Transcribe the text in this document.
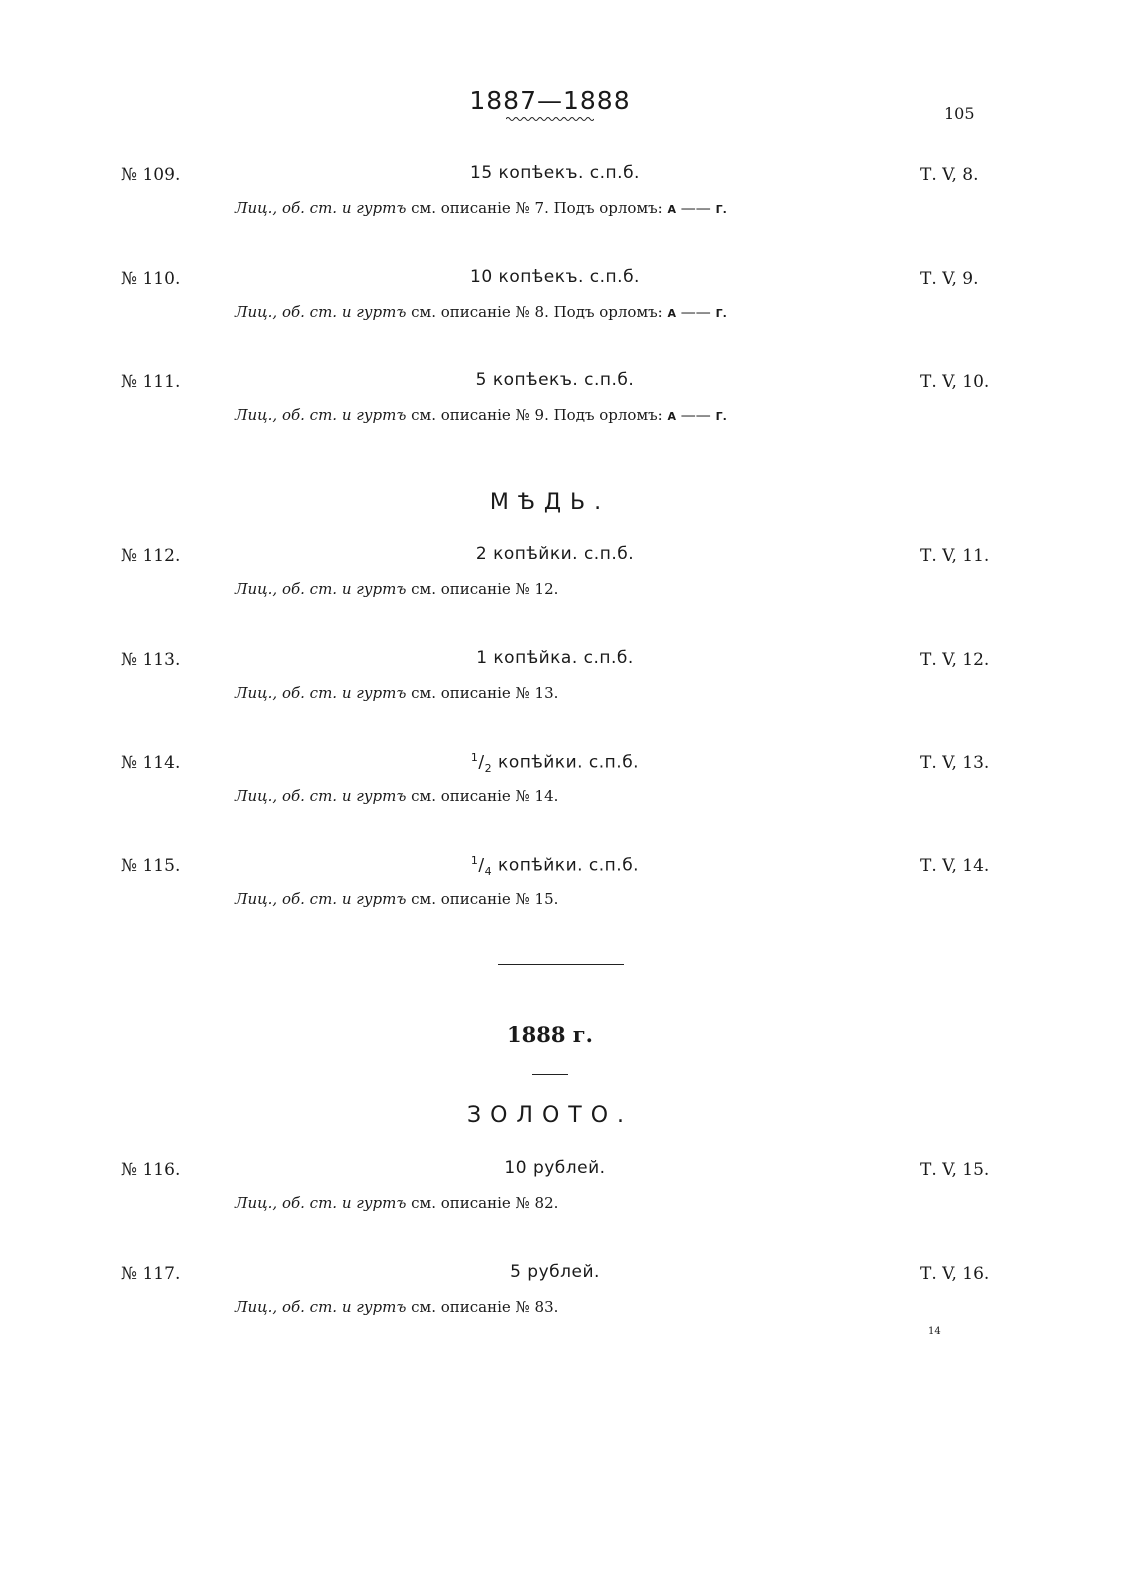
1887—1888	105
№ 109.	15 копѣекъ. с.п.б.	Т. V, 8.
Лиц., об. ст. и гуртъ см. описаніе № 7. Подъ орломъ: А —— Г.
№ 110.	10 копѣекъ. с.п.б.	Т. V, 9.
Лиц., об. ст. и гуртъ см. описаніе № 8. Подъ орломъ: А —— Г.
№ 111.	5 копѣекъ. с.п.б.	Т. V, 10.
Лиц., об. ст. и гуртъ см. описаніе № 9. Подъ орломъ: А —— Г.
МѢДЬ.
№ 112.	2 копѣйки. с.п.б.	Т. V, 11.
Лиц., об. ст. и гуртъ см. описаніе № 12.
№ 113.	1 копѣйка. с.п.б.	Т. V, 12.
Лиц., об. ст. и гуртъ см. описаніе № 13.
№ 114.	$^1/_2$ копѣйки. с.п.б.	Т. V, 13.
Лиц., об. ст. и гуртъ см. описаніе № 14.
№ 115.	$^1/_4$ копѣйки. с.п.б.	Т. V, 14.
Лиц., об. ст. и гуртъ см. описаніе № 15.
1888 г.
ЗОЛОТО.
№ 116.	10 рублей.	Т. V, 15.
Лиц., об. ст. и гуртъ см. описаніе № 82.
№ 117.	5 рублей.	Т. V, 16.
Лиц., об. ст. и гуртъ см. описаніе № 83.
14
